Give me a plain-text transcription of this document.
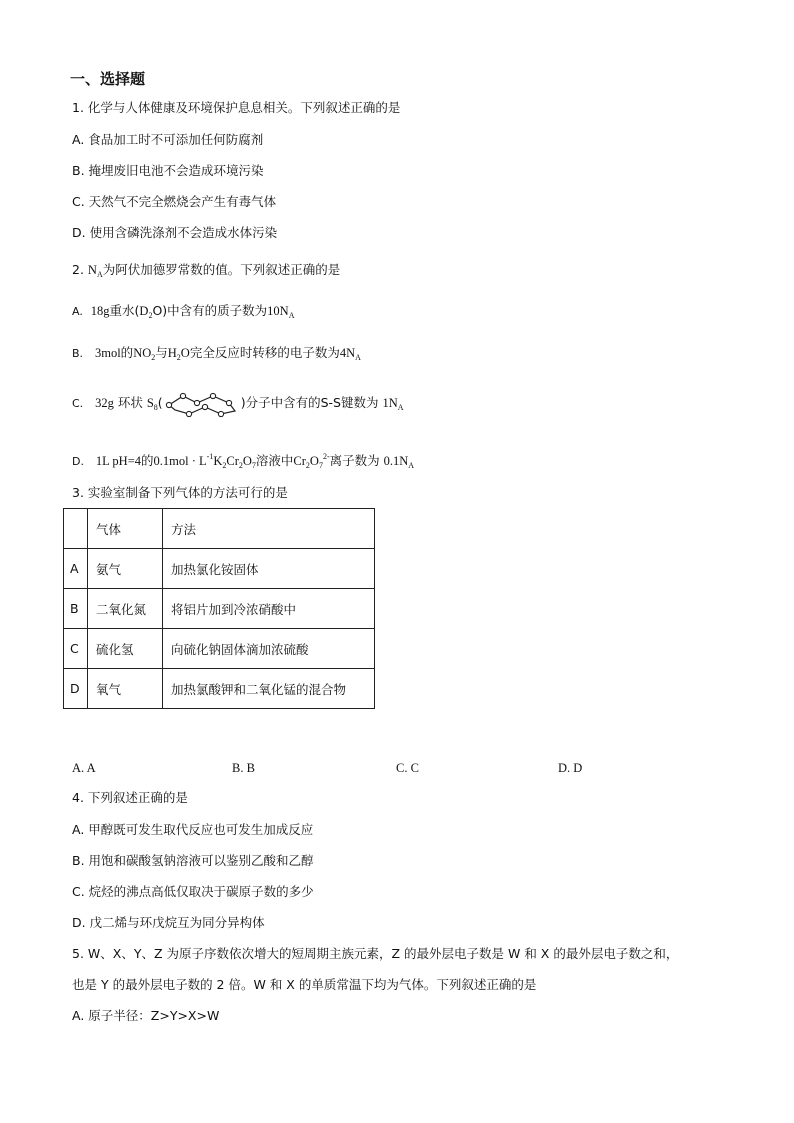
一、选择题
1. 化学与人体健康及环境保护息息相关。下列叙述正确的是
A. 食品加工时不可添加任何防腐剂
B. 掩埋废旧电池不会造成环境污染
C. 天然气不完全燃烧会产生有毒气体
D. 使用含磷洗涤剂不会造成水体污染
2. $N_A$为阿伏加德罗常数的值。下列叙述正确的是
A. 18g重水$(D_2O)$中含有的质子数为$10N_A$
B. 3mol的$NO_2$与$H_2O$完全反应时转移的电子数为$4N_A$
C. 32g 环状 $S_8$(	)分子中含有的S-S键数为 $1N_A$
D. 1L pH=4的$0.1mol \cdot L^{-1}K_2Cr_2O_7$溶液中$Cr_2O_7^{2-}$离子数为 $0.1N_A$
3. 实验室制备下列气体的方法可行的是
	气体	方法
A	氨气	加热氯化铵固体
B	二氧化氮	将铝片加到冷浓硝酸中
C	硫化氢	向硫化钠固体滴加浓硫酸
D	氧气	加热氯酸钾和二氧化锰的混合物
A. A	B. B	C. C	D. D
4. 下列叙述正确的是
A. 甲醇既可发生取代反应也可发生加成反应
B. 用饱和碳酸氢钠溶液可以鉴别乙酸和乙醇
C. 烷烃的沸点高低仅取决于碳原子数的多少
D. 戊二烯与环戊烷互为同分异构体
5. W、X、Y、Z 为原子序数依次增大的短周期主族元素，Z 的最外层电子数是 W 和 X 的最外层电子数之和，
也是 Y 的最外层电子数的 2 倍。W 和 X 的单质常温下均为气体。下列叙述正确的是
A. 原子半径：Z>Y>X>W
